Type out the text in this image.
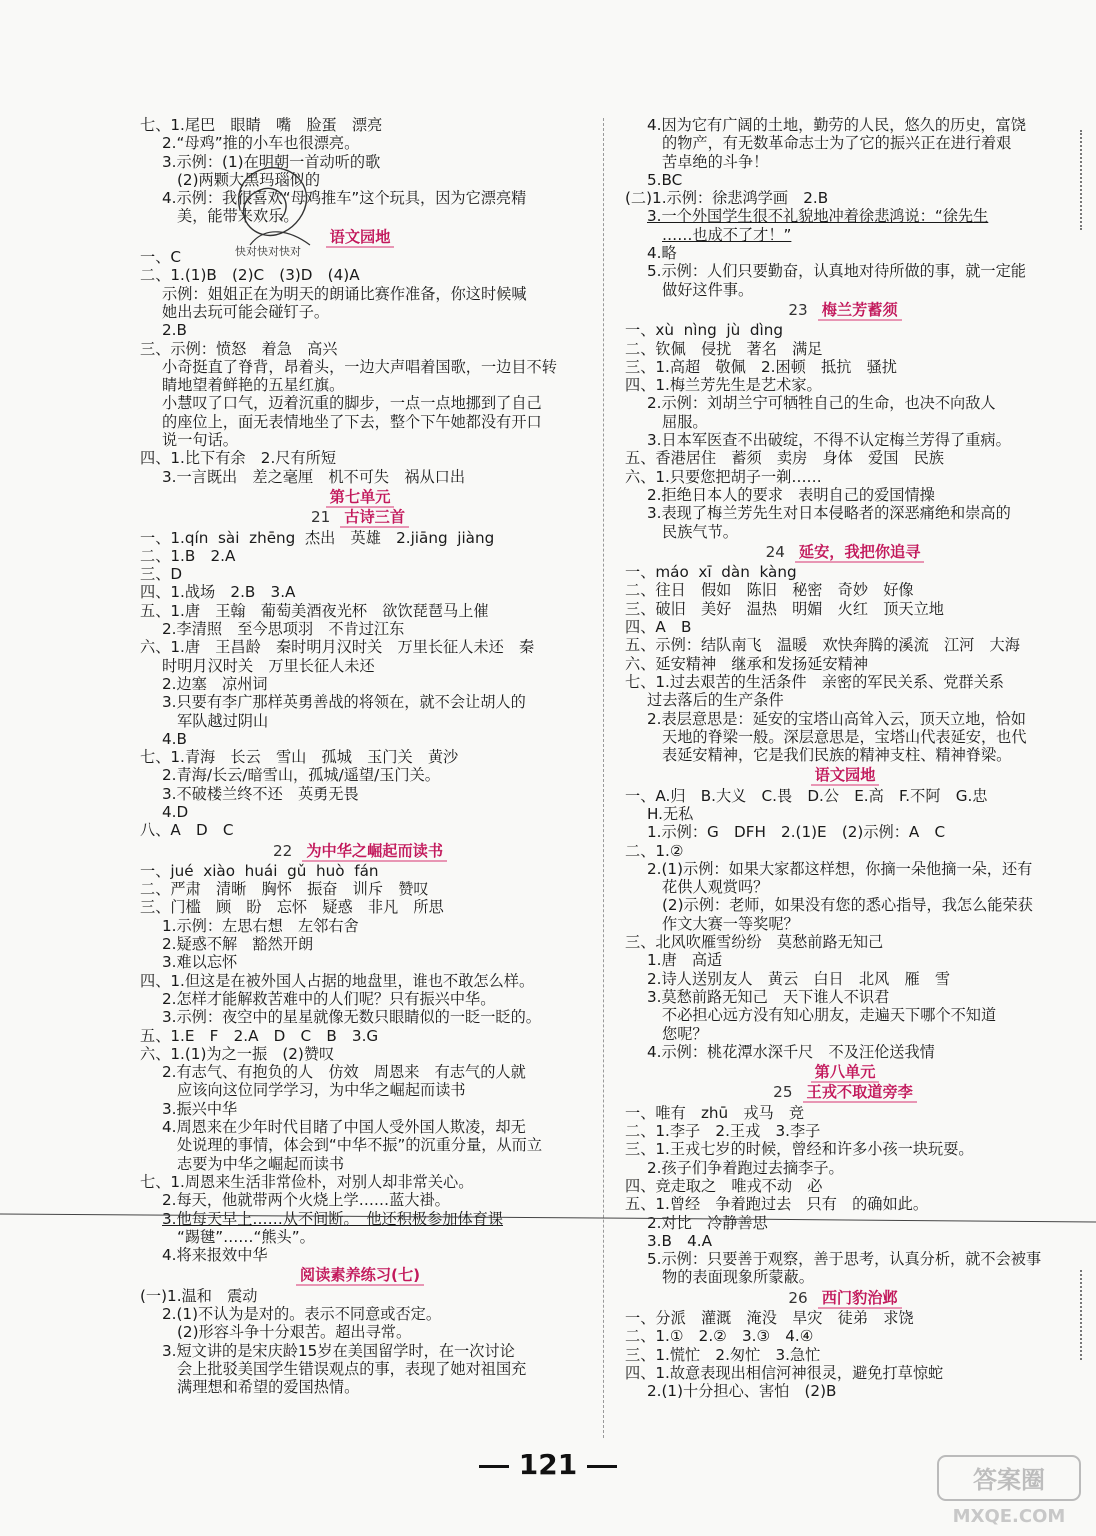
七、1.尾巴　眼睛　嘴　脸蛋　漂亮
2.“母鸡”推的小车也很漂亮。
3.示例：(1)在明朝一首动听的歌
(2)两颗大黑玛瑙似的
4.示例：我很喜欢“母鸡推车”这个玩具，因为它漂亮精
美，能带来欢乐。
语文园地
一、C
二、1.(1)B　(2)C　(3)D　(4)A
示例：姐姐正在为明天的朗诵比赛作准备，你这时候喊
她出去玩可能会碰钉子。
2.B
三、示例：愤怒　着急　高兴
小奇挺直了脊背，昂着头，一边大声唱着国歌，一边目不转
睛地望着鲜艳的五星红旗。
小慧叹了口气，迈着沉重的脚步，一点一点地挪到了自己
的座位上，面无表情地坐了下去，整个下午她都没有开口
说一句话。
四、1.比下有余　2.尺有所短
3.一言既出　差之毫厘　机不可失　祸从口出
第七单元
21 古诗三首
一、1.qín  sài  zhēng  杰出　英雄　2.jiāng  jiàng
二、1.B　2.A
三、D
四、1.战场　2.B　3.A
五、1.唐　王翰　葡萄美酒夜光杯　欲饮琵琶马上催
2.李清照　至今思项羽　不肯过江东
六、1.唐　王昌龄　秦时明月汉时关　万里长征人未还　秦
时明月汉时关　万里长征人未还
2.边塞　凉州词
3.只要有李广那样英勇善战的将领在，就不会让胡人的
军队越过阴山
4.B
七、1.青海　长云　雪山　孤城　玉门关　黄沙
2.青海/长云/暗雪山，孤城/遥望/玉门关。
3.不破楼兰终不还　英勇无畏
4.D
八、A　D　C
22 为中华之崛起而读书
一、jué  xiào  huái  gǔ  huò  fán
二、严肃　清晰　胸怀　振奋　训斥　赞叹
三、门槛　顾　盼　忘怀　疑惑　非凡　所思
1.示例：左思右想　左邻右舍
2.疑惑不解　豁然开朗
3.难以忘怀
四、1.但这是在被外国人占据的地盘里，谁也不敢怎么样。
2.怎样才能解救苦难中的人们呢？只有振兴中华。
3.示例：夜空中的星星就像无数只眼睛似的一眨一眨的。
五、1.E　F　2.A　D　C　B　3.G
六、1.(1)为之一振　(2)赞叹
2.有志气、有抱负的人　仿效　周恩来　有志气的人就
应该向这位同学学习，为中华之崛起而读书
3.振兴中华
4.周恩来在少年时代目睹了中国人受外国人欺凌，却无
处说理的事情，体会到“中华不振”的沉重分量，从而立
志要为中华之崛起而读书
七、1.周恩来生活非常俭朴，对别人却非常关心。
2.每天，他就带两个火烧上学……蓝大褂。
3.他每天早上……从不间断。　他还积极参加体育课
“踢毽”……“熊头”。
4.将来报效中华
阅读素养练习(七)
(一)1.温和　震动
2.(1)不认为是对的。表示不同意或否定。
(2)形容斗争十分艰苦。超出寻常。
3.短文讲的是宋庆龄15岁在美国留学时，在一次讨论
会上批驳美国学生错误观点的事，表现了她对祖国充
满理想和希望的爱国热情。
4.因为它有广阔的土地，勤劳的人民，悠久的历史，富饶
的物产，有无数革命志士为了它的振兴正在进行着艰
苦卓绝的斗争！
5.BC
(二)1.示例：徐悲鸿学画　2.B
3.一个外国学生很不礼貌地冲着徐悲鸿说：“徐先生
……也成不了才！”
4.略
5.示例：人们只要勤奋，认真地对待所做的事，就一定能
做好这件事。
23 梅兰芳蓄须
一、xù  nìng  jù  dìng
二、钦佩　侵扰　著名　满足
三、1.高超　敬佩　2.困顿　抵抗　骚扰
四、1.梅兰芳先生是艺术家。
2.示例：刘胡兰宁可牺牲自己的生命，也决不向敌人
屈服。
3.日本军医查不出破绽，不得不认定梅兰芳得了重病。
五、香港居住　蓄须　卖房　身体　爱国　民族
六、1.只要您把胡子一剃……
2.拒绝日本人的要求　表明自己的爱国情操
3.表现了梅兰芳先生对日本侵略者的深恶痛绝和崇高的
民族气节。
24 延安，我把你追寻
一、máo  xī  dàn  kàng
二、往日　假如　陈旧　秘密　奇妙　好像
三、破旧　美好　温热　明媚　火红　顶天立地
四、A　B
五、示例：结队南飞　温暖　欢快奔腾的溪流　江河　大海
六、延安精神　继承和发扬延安精神
七、1.过去艰苦的生活条件　亲密的军民关系、党群关系
过去落后的生产条件
2.表层意思是：延安的宝塔山高耸入云，顶天立地，恰如
天地的脊梁一般。深层意思是，宝塔山代表延安，也代
表延安精神，它是我们民族的精神支柱、精神脊梁。
语文园地
一、A.归　B.大义　C.畏　D.公　E.高　F.不阿　G.忠
H.无私
1.示例：G　DFH　2.(1)E　(2)示例：A　C
二、1.②
2.(1)示例：如果大家都这样想，你摘一朵他摘一朵，还有
花供人观赏吗？
(2)示例：老师，如果没有您的悉心指导，我怎么能荣获
作文大赛一等奖呢？
三、北风吹雁雪纷纷　莫愁前路无知己
1.唐　高适
2.诗人送别友人　黄云　白日　北风　雁　雪
3.莫愁前路无知己　天下谁人不识君
不必担心远方没有知心朋友，走遍天下哪个不知道
您呢？
4.示例：桃花潭水深千尺　不及汪伦送我情
第八单元
25 王戎不取道旁李
一、唯有　zhū　戎马　竞
二、1.李子　2.王戎　3.李子
三、1.王戎七岁的时候，曾经和许多小孩一块玩耍。
2.孩子们争着跑过去摘李子。
四、竞走取之　唯戎不动　必
五、1.曾经　争着跑过去　只有　的确如此。
2.对比　冷静善思
3.B　4.A
5.示例：只要善于观察，善于思考，认真分析，就不会被事
物的表面现象所蒙蔽。
26 西门豹治邺
一、分派　灌溉　淹没　旱灾　徒弟　求饶
二、1.①　2.②　3.③　4.④
三、1.慌忙　2.匆忙　3.急忙
四、1.故意表现出相信河神很灵，避免打草惊蛇
2.(1)十分担心、害怕　(2)B
快对快对快对
121	答案圈
MXQE.COM
